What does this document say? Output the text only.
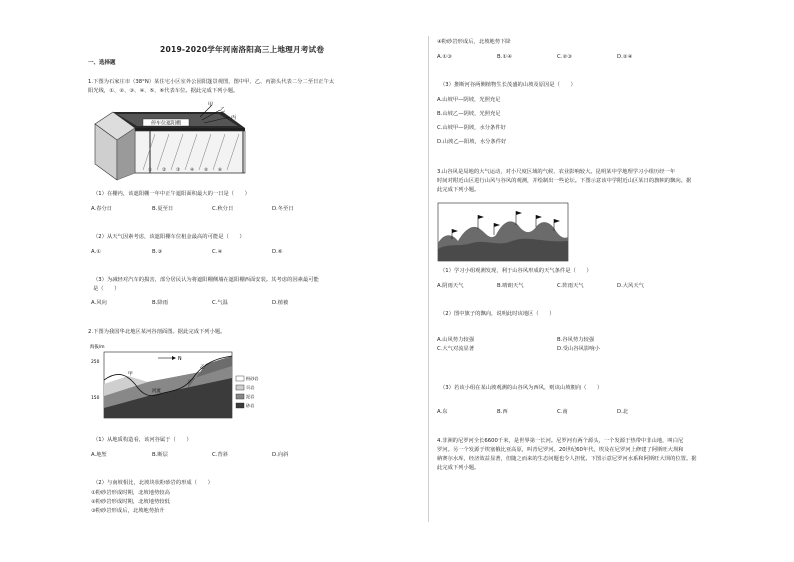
2019-2020学年河南洛阳高三上地理月考试卷
一、选择题
1.下图为石家庄市（38°N）某住宅小区室外公园阳篷景观图，图中甲、乙、丙箭头代表二分二至日正午太
阳光线，①、②、③、④、⑤、⑥代表车位。据此完成下列小题。
停车位遮阳棚
① ② ③ ④ ⑤ ⑥
甲
乙
丙
（1）在棚内，该遮阳棚一年中正午遮阳面积最大的一日是（　　）
A.春分日	B.夏至日	C.秋分日	D.冬至日
（2）从天气因素考虑，该遮阳棚车位租金最高的可能是（　　）
A.①	B.③	C.④	D.⑥
（3）为减轻对汽车的损害，部分居民认为将遮阳棚侧墙在遮阳棚西面安装。其考虑的因素最可能
是（　　）
A.风向	B.降雨	C.气温	D.植被
2.下图为我国华北地区某河谷剖面图。据此完成下列小题。
海拔/m
250
150
甲
乙
河流
N
粉砂岩
页岩
泥岩
砂岩
（1）从地质构造看，该河谷属于（　　）
A.地堑	B.断层	C.背斜	D.向斜
（2）与南坡相比，北坡块状粉砂岩的形成（　　）
①粉砂岩形成时期，北坡地势较高
②粉砂岩形成时期，北坡地势较低
③粉砂岩形成后，北坡地势抬升
④粉砂岩形成后，北坡地势下降
A.①③	B.①④	C.②③	D.②④
（3）推断河谷两侧植物生长茂盛的山坡及原因是（　　）
A.山坡甲—阴坡，光照充足
B.山坡乙—阴坡，光照充足
C.山坡甲—阴坡，水分条件好
D.山坡乙—阳坡，水分条件好
3.山谷风是局地的大气运动，对小尺度区域的气候、农业影响较大。昆明某中学地理学习小组历经一年
时间对附近山区进行山风与谷风的观测，并绘制出一些论坛。下图示意该中学附近山区某日的旗帜的飘向。据
此完成下列小题。
（1）学习小组观测发现，利于山谷风形成的天气条件是（　　）
A.阴雨天气	B.晴朗天气	C.阵雨天气	D.大风天气
（2）图中旗子的飘向，说明此时该地区（　　）
A.山风势力较强	B.谷风势力较强
C.大气对流显著	D.受山谷风影响小
（3）若该小组在某山坡观测的山谷风为西风，则该山坡朝向（　　）
A.东	B.西	C.南	D.北
4.非洲的尼罗河全长6600千米，是世界第一长河。尼罗河有两个源头，一个发源于热带中非山地，叫白尼
罗河。另一个发源于埃塞俄比亚高原，叫青尼罗河。20世纪60年代，埃及在尼罗河上修建了阿斯旺大坝和
納赛尔水库，经济效益显著，但随之而来的生态问题也令人担忧。下图示意尼罗河水系和阿斯旺大坝的位置。据
此完成下列小题。
